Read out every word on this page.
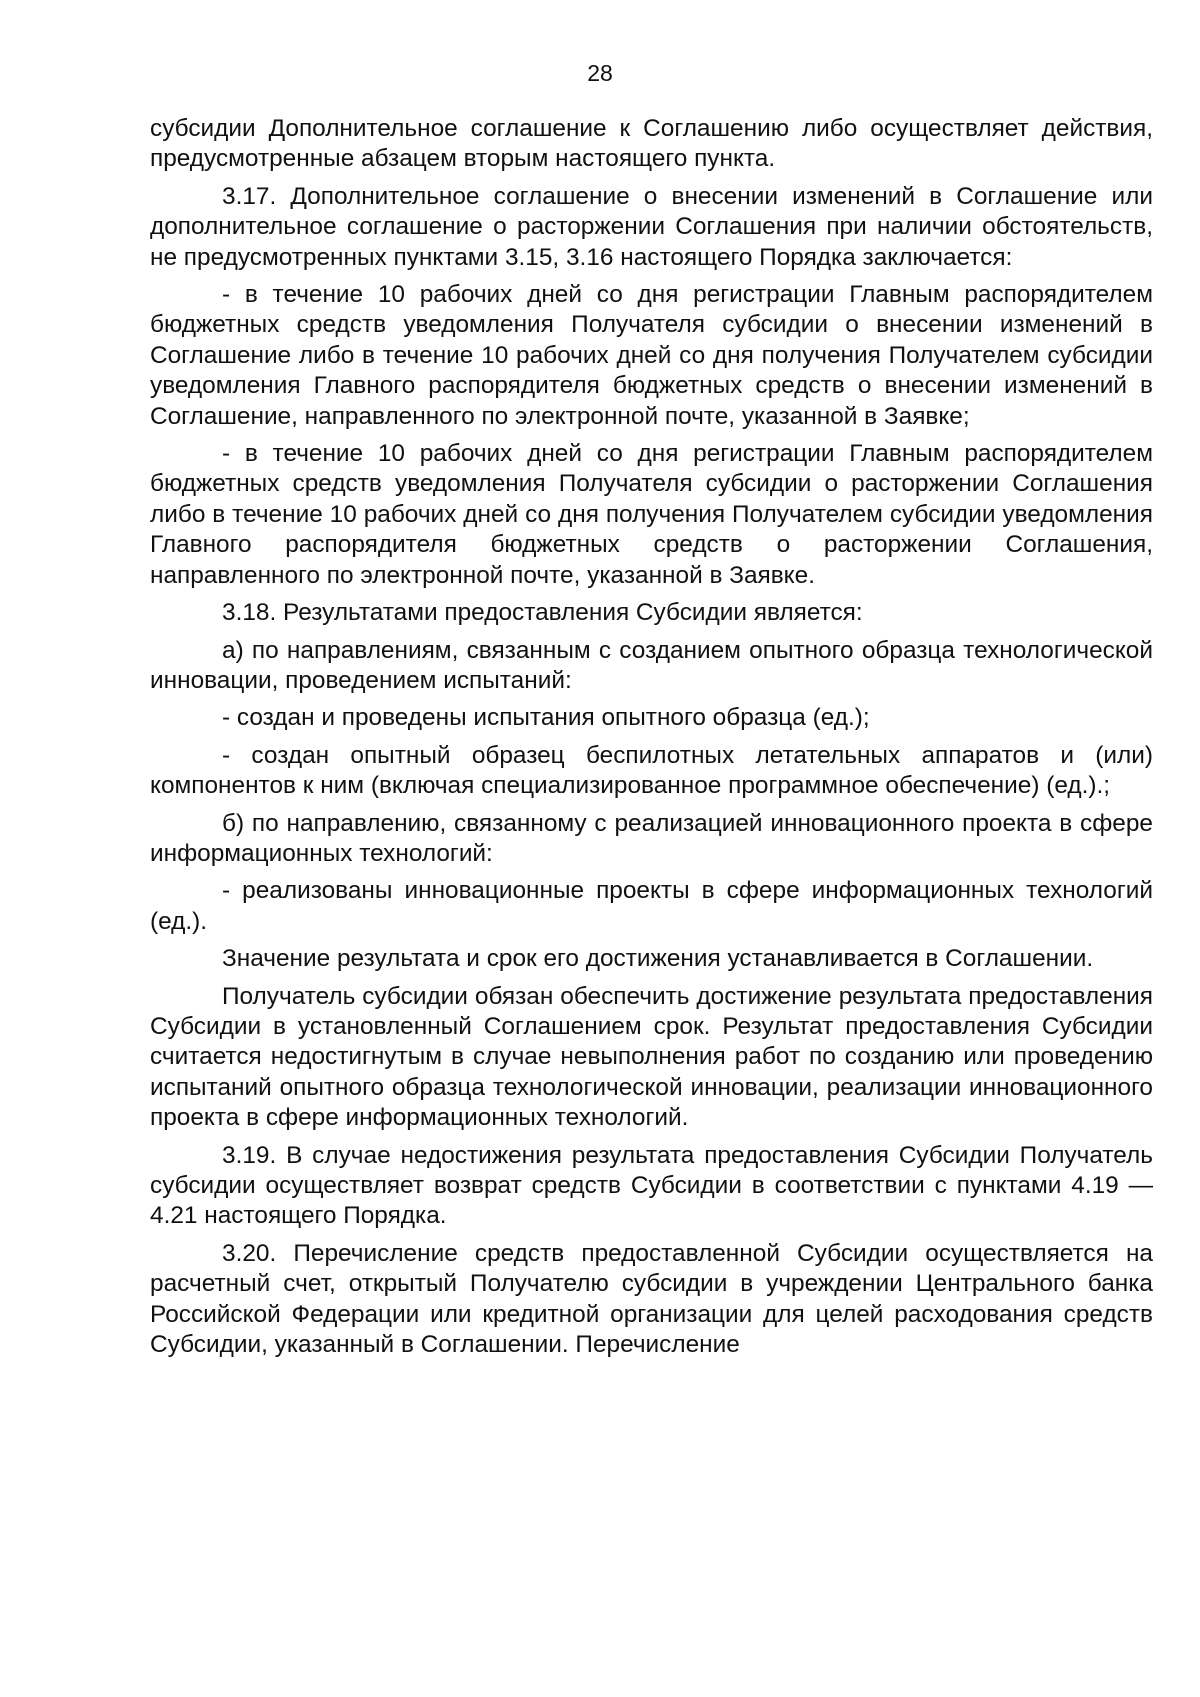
28

субсидии Дополнительное соглашение к Соглашению либо осуществляет действия, предусмотренные абзацем вторым настоящего пункта.

3.17. Дополнительное соглашение о внесении изменений в Соглашение или дополнительное соглашение о расторжении Соглашения при наличии обстоятельств, не предусмотренных пунктами 3.15, 3.16 настоящего Порядка заключается:

- в течение 10 рабочих дней со дня регистрации Главным распорядителем бюджетных средств уведомления Получателя субсидии о внесении изменений в Соглашение либо в течение 10 рабочих дней со дня получения Получателем субсидии уведомления Главного распорядителя бюджетных средств о внесении изменений в Соглашение, направленного по электронной почте, указанной в Заявке;

- в течение 10 рабочих дней со дня регистрации Главным распорядителем бюджетных средств уведомления Получателя субсидии о расторжении Соглашения либо в течение 10 рабочих дней со дня получения Получателем субсидии уведомления Главного распорядителя бюджетных средств о расторжении Соглашения, направленного по электронной почте, указанной в Заявке.

3.18. Результатами предоставления Субсидии является:

а) по направлениям, связанным с созданием опытного образца технологической инновации, проведением испытаний:

- создан и проведены испытания опытного образца (ед.);

- создан опытный образец беспилотных летательных аппаратов и (или) компонентов к ним (включая специализированное программное обеспечение) (ед.).;

б) по направлению, связанному с реализацией инновационного проекта в сфере информационных технологий:

- реализованы инновационные проекты в сфере информационных технологий (ед.).

Значение результата и срок его достижения устанавливается в Соглашении.

Получатель субсидии обязан обеспечить достижение результата предоставления Субсидии в установленный Соглашением срок. Результат предоставления Субсидии считается недостигнутым в случае невыполнения работ по созданию или проведению испытаний опытного образца технологической инновации, реализации инновационного проекта в сфере информационных технологий.

3.19. В случае недостижения результата предоставления Субсидии Получатель субсидии осуществляет возврат средств Субсидии в соответствии с пунктами 4.19 — 4.21 настоящего Порядка.

3.20. Перечисление средств предоставленной Субсидии осуществляется на расчетный счет, открытый Получателю субсидии в учреждении Центрального банка Российской Федерации или кредитной организации для целей расходования средств Субсидии, указанный в Соглашении. Перечисление
